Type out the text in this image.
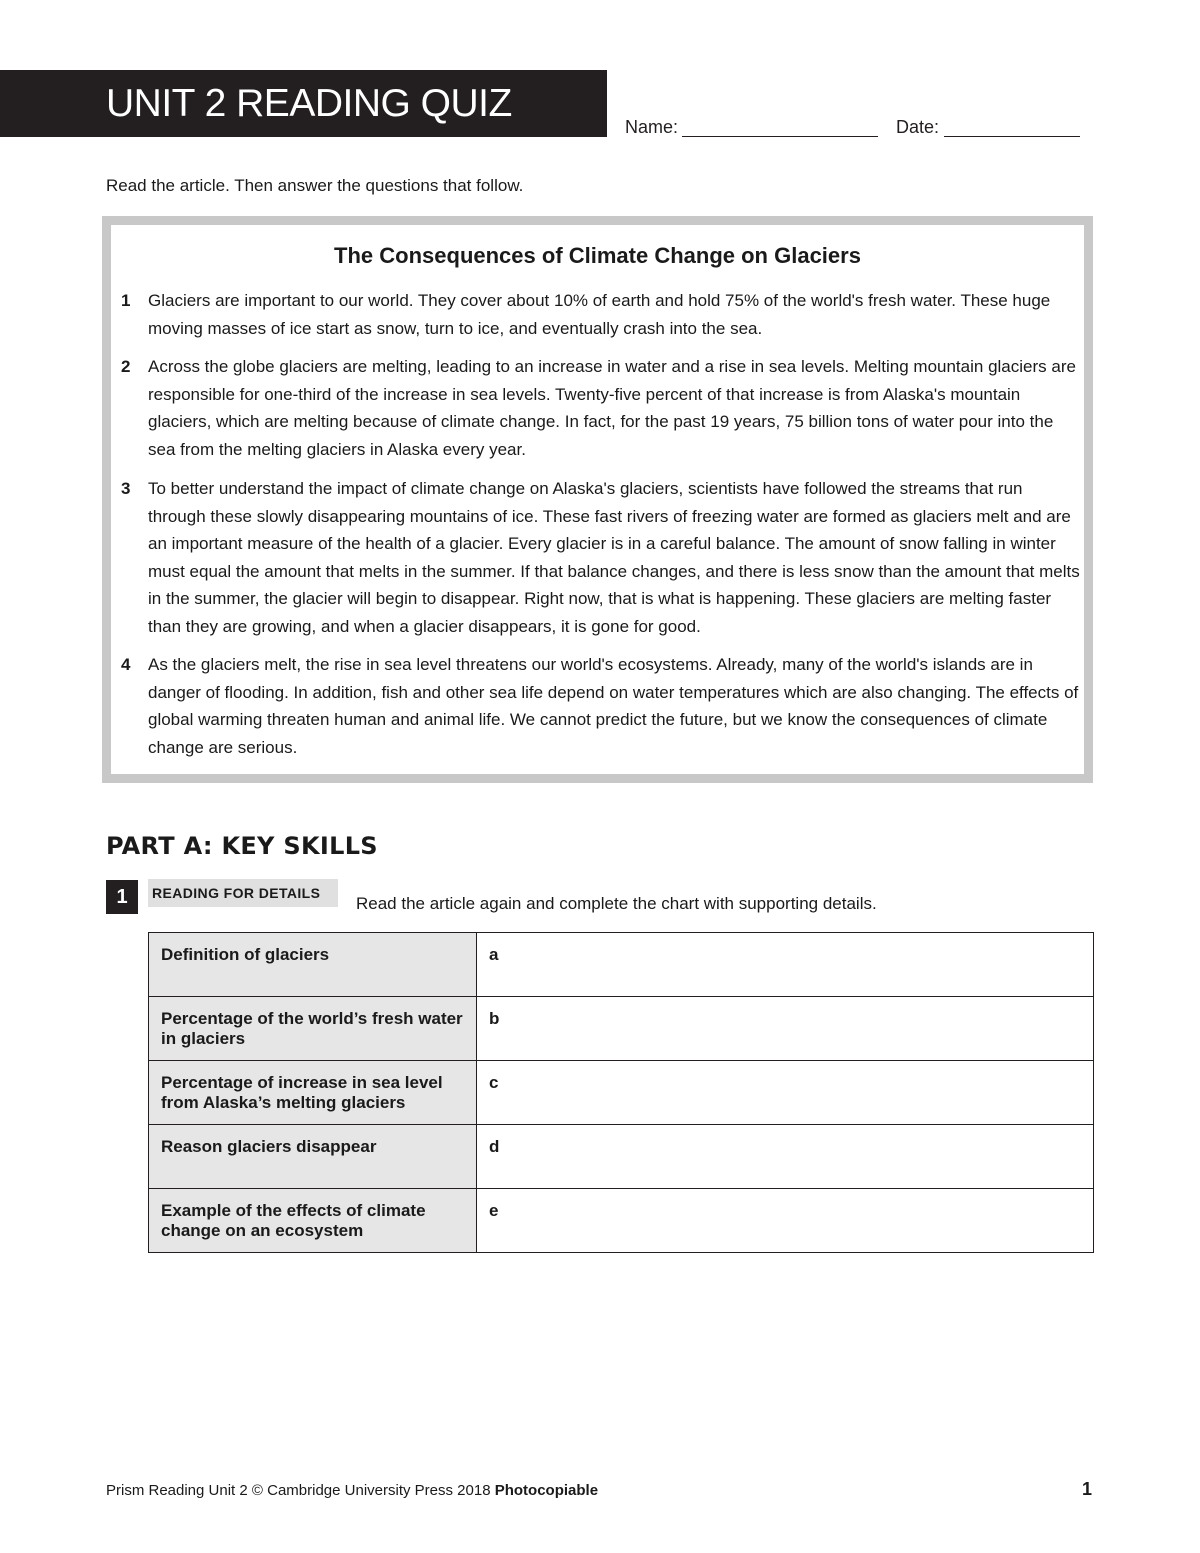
UNIT 2 READING QUIZ
Name:	Date:
Read the article. Then answer the questions that follow.
The Consequences of Climate Change on Glaciers
1 Glaciers are important to our world. They cover about 10% of earth and hold 75% of the world's fresh water. These huge moving masses of ice start as snow, turn to ice, and eventually crash into the sea.
2 Across the globe glaciers are melting, leading to an increase in water and a rise in sea levels. Melting mountain glaciers are responsible for one-third of the increase in sea levels. Twenty-five percent of that increase is from Alaska's mountain glaciers, which are melting because of climate change. In fact, for the past 19 years, 75 billion tons of water pour into the sea from the melting glaciers in Alaska every year.
3 To better understand the impact of climate change on Alaska's glaciers, scientists have followed the streams that run through these slowly disappearing mountains of ice. These fast rivers of freezing water are formed as glaciers melt and are an important measure of the health of a glacier. Every glacier is in a careful balance. The amount of snow falling in winter must equal the amount that melts in the summer. If that balance changes, and there is less snow than the amount that melts in the summer, the glacier will begin to disappear. Right now, that is what is happening. These glaciers are melting faster than they are growing, and when a glacier disappears, it is gone for good.
4 As the glaciers melt, the rise in sea level threatens our world's ecosystems. Already, many of the world's islands are in danger of flooding. In addition, fish and other sea life depend on water temperatures which are also changing. The effects of global warming threaten human and animal life. We cannot predict the future, but we know the consequences of climate change are serious.
PART A: KEY SKILLS
1	READING FOR DETAILS
Read the article again and complete the chart with supporting details.
Definition of glaciers	a
Percentage of the world’s fresh water in glaciers	b
Percentage of increase in sea level from Alaska’s melting glaciers	c
Reason glaciers disappear	d
Example of the effects of climate change on an ecosystem	e
Prism Reading Unit 2 © Cambridge University Press 2018 Photocopiable	1
